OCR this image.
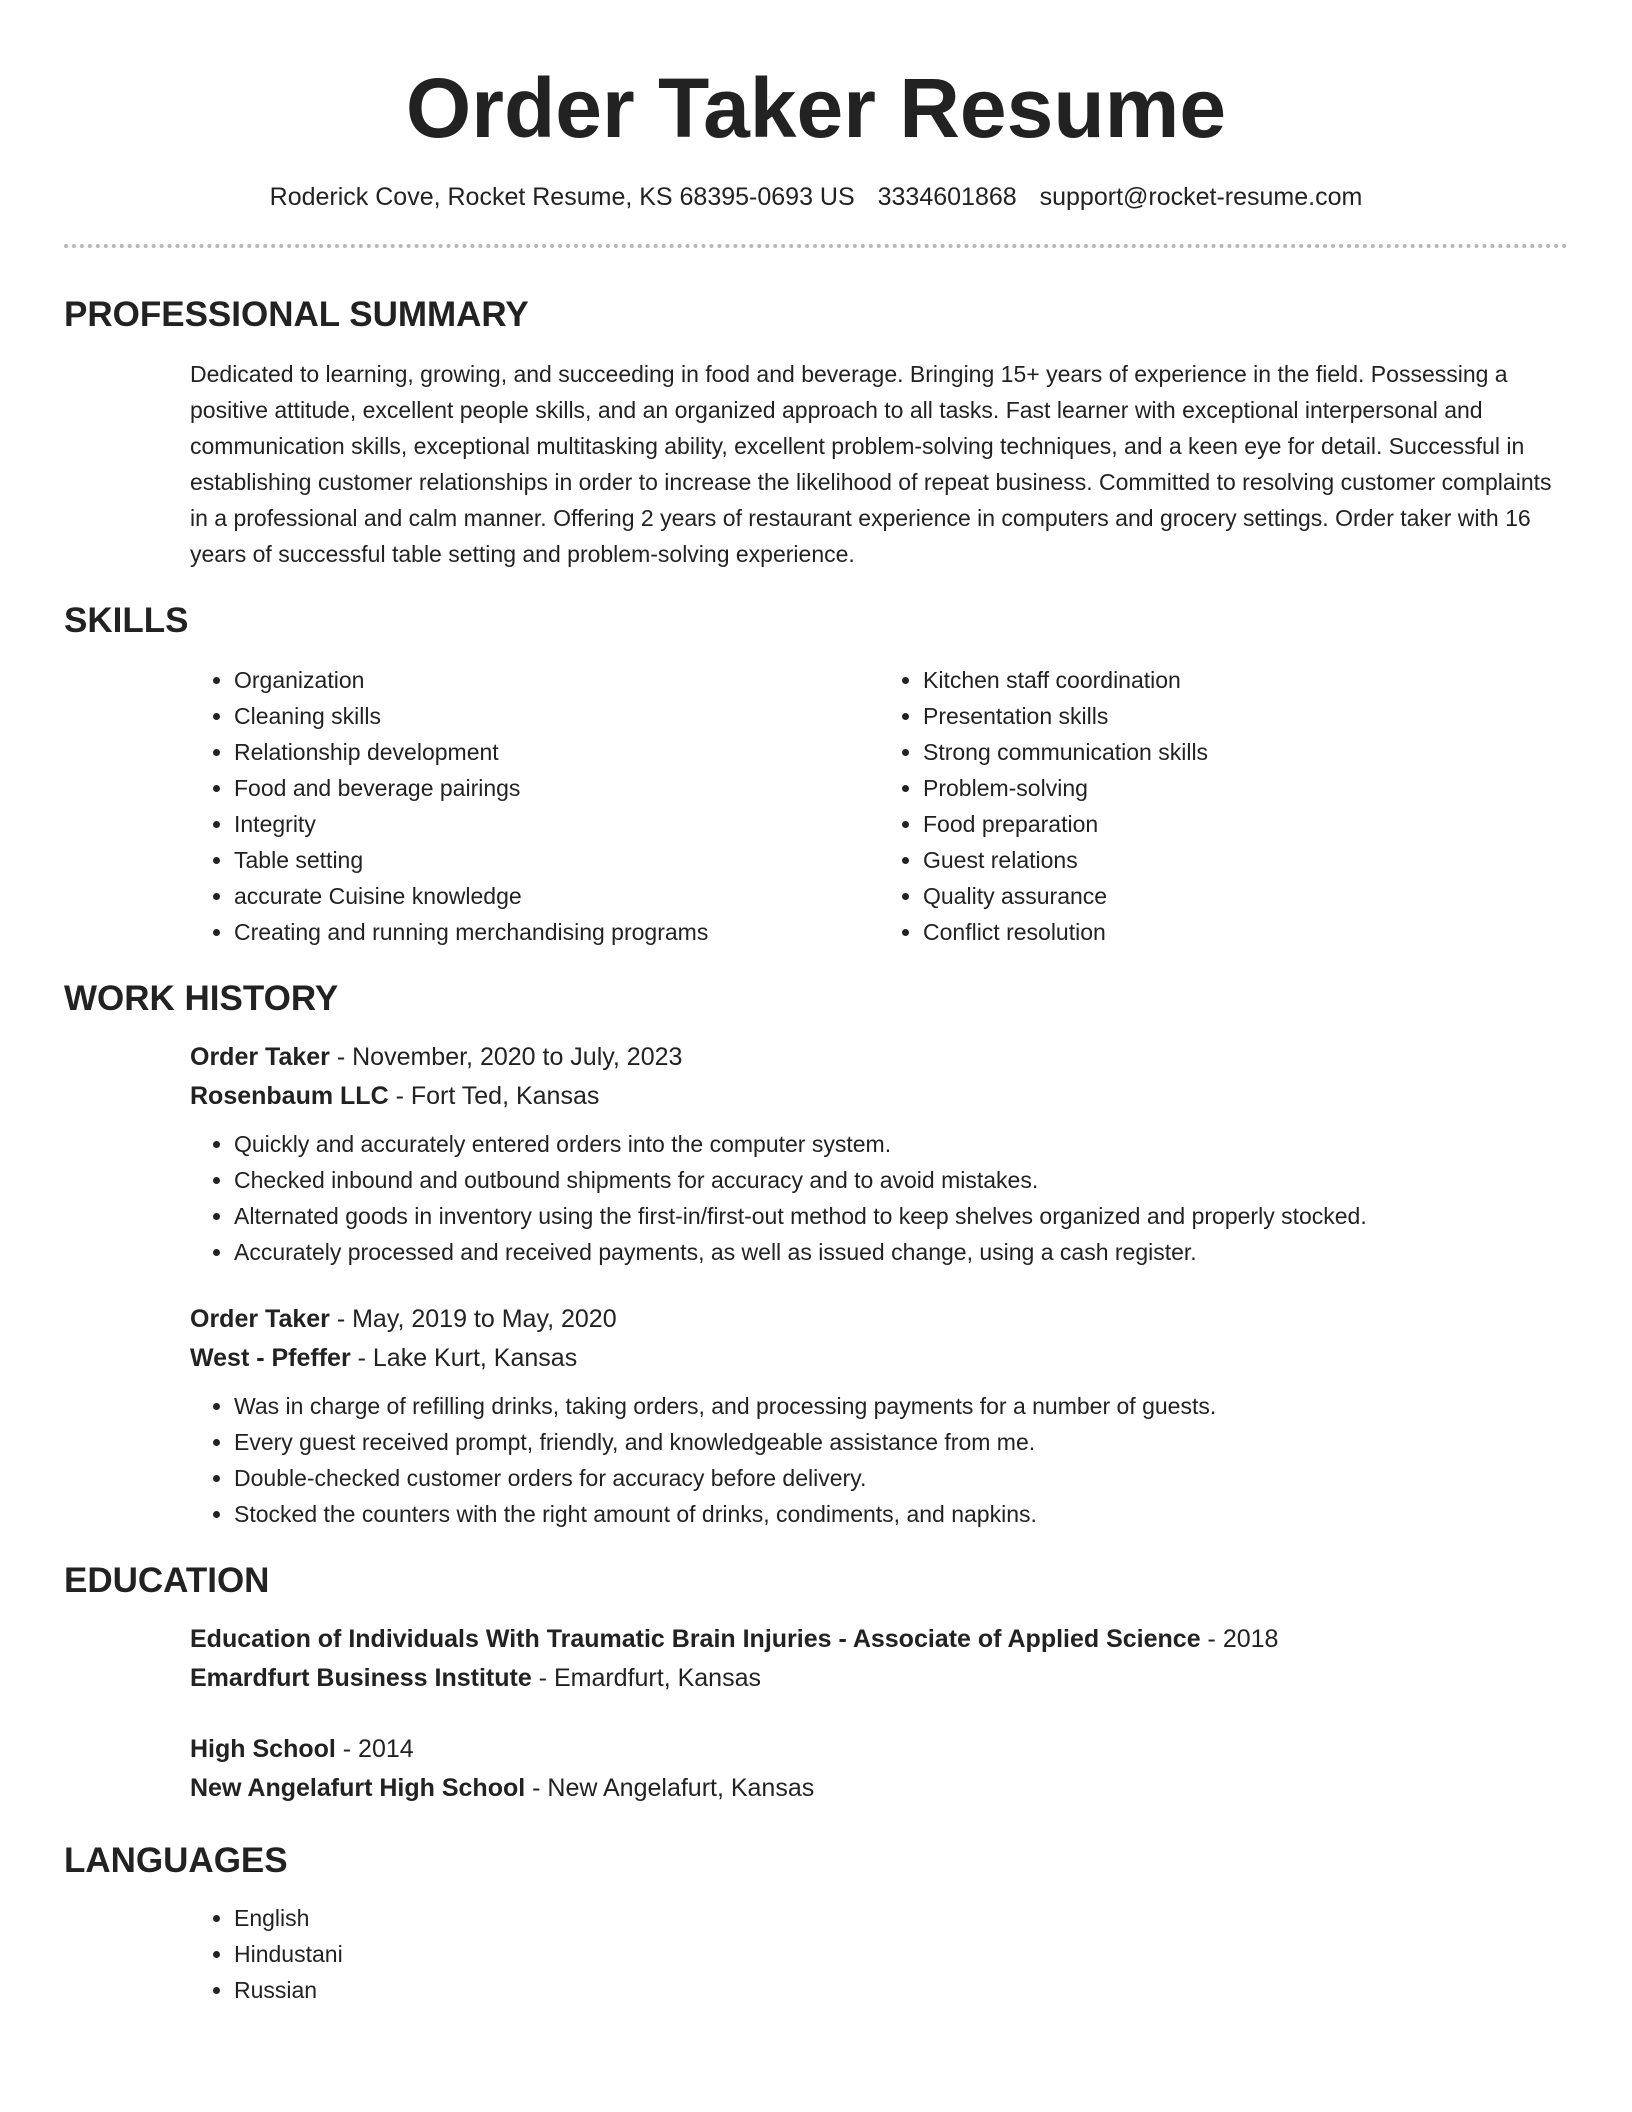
Order Taker Resume
Roderick Cove, Rocket Resume, KS 68395-0693 US 3334601868 support@rocket-resume.com
PROFESSIONAL SUMMARY

Dedicated to learning, growing, and succeeding in food and beverage. Bringing 15+ years of experience in the field. Possessing a positive attitude, excellent people skills, and an organized approach to all tasks. Fast learner with exceptional interpersonal and communication skills, exceptional multitasking ability, excellent problem-solving techniques, and a keen eye for detail. Successful in establishing customer relationships in order to increase the likelihood of repeat business. Committed to resolving customer complaints in a professional and calm manner. Offering 2 years of restaurant experience in computers and grocery settings. Order taker with 16 years of successful table setting and problem-solving experience.

SKILLS
• Organization
• Cleaning skills
• Relationship development
• Food and beverage pairings
• Integrity
• Table setting
• accurate Cuisine knowledge
• Creating and running merchandising programs
• Kitchen staff coordination
• Presentation skills
• Strong communication skills
• Problem-solving
• Food preparation
• Guest relations
• Quality assurance
• Conflict resolution
WORK HISTORY
Order Taker - November, 2020 to July, 2023
Rosenbaum LLC - Fort Ted, Kansas
• Quickly and accurately entered orders into the computer system.
• Checked inbound and outbound shipments for accuracy and to avoid mistakes.
• Alternated goods in inventory using the first-in/first-out method to keep shelves organized and properly stocked.
• Accurately processed and received payments, as well as issued change, using a cash register.
Order Taker - May, 2019 to May, 2020
West - Pfeffer - Lake Kurt, Kansas
• Was in charge of refilling drinks, taking orders, and processing payments for a number of guests.
• Every guest received prompt, friendly, and knowledgeable assistance from me.
• Double-checked customer orders for accuracy before delivery.
• Stocked the counters with the right amount of drinks, condiments, and napkins.
EDUCATION
Education of Individuals With Traumatic Brain Injuries - Associate of Applied Science - 2018
Emardfurt Business Institute - Emardfurt, Kansas
High School - 2014
New Angelafurt High School - New Angelafurt, Kansas
LANGUAGES
• English
• Hindustani
• Russian
